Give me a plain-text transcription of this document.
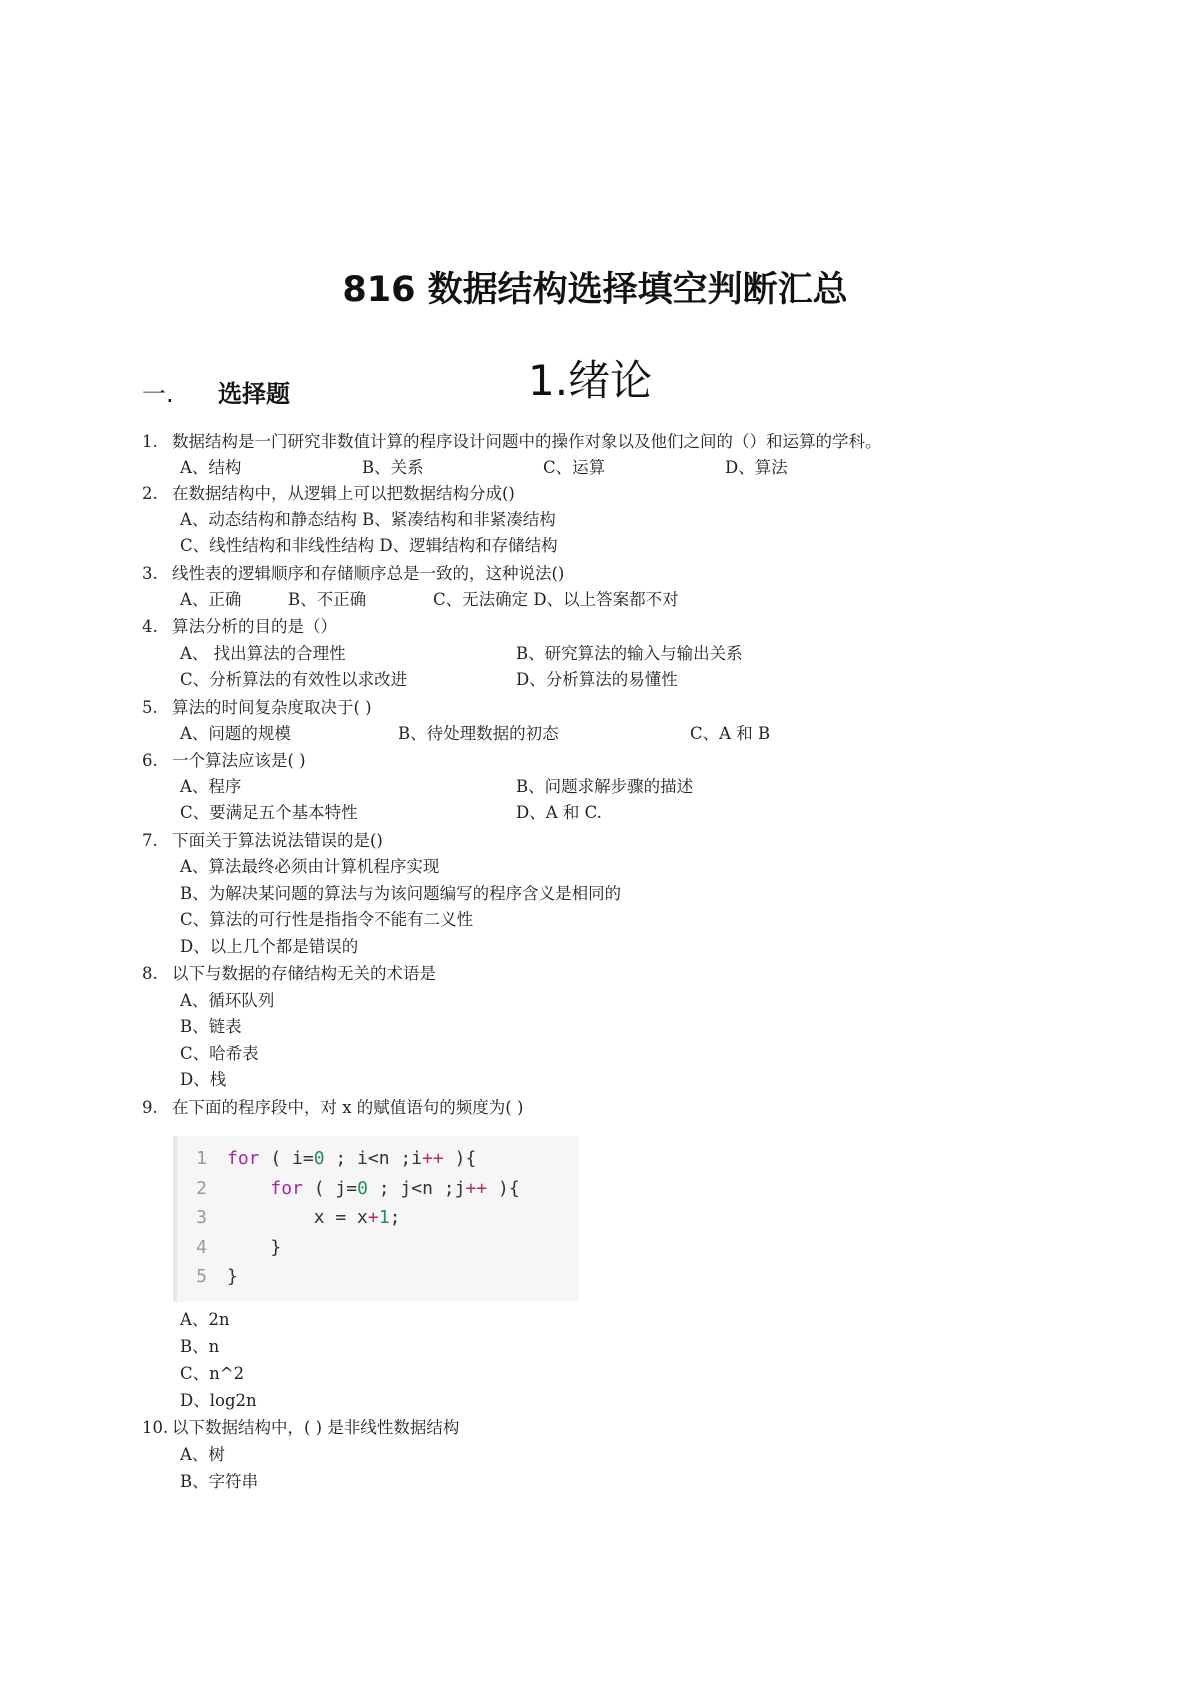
816 数据结构选择填空判断汇总
1.绪论
一. 选择题
1. 数据结构是一门研究非数值计算的程序设计问题中的操作对象以及他们之间的（）和运算的学科。
A、结构	B、关系	C、运算	D、算法
2. 在数据结构中，从逻辑上可以把数据结构分成()
A、动态结构和静态结构 B、紧凑结构和非紧凑结构
C、线性结构和非线性结构 D、逻辑结构和存储结构
3. 线性表的逻辑顺序和存储顺序总是一致的，这种说法()
A、正确	B、不正确	C、无法确定 D、以上答案都不对
4. 算法分析的目的是（）
A、 找出算法的合理性	B、研究算法的输入与输出关系
C、分析算法的有效性以求改进	D、分析算法的易懂性
5. 算法的时间复杂度取决于( )
A、问题的规模	B、待处理数据的初态	C、A 和 B
6. 一个算法应该是( )
A、程序	B、问题求解步骤的描述
C、要满足五个基本特性	D、A 和 C.
7. 下面关于算法说法错误的是()
A、算法最终必须由计算机程序实现
B、为解决某问题的算法与为该问题编写的程序含义是相同的
C、算法的可行性是指指令不能有二义性
D、以上几个都是错误的
8. 以下与数据的存储结构无关的术语是
A、循环队列
B、链表
C、哈希表
D、栈
9. 在下面的程序段中，对 x 的赋值语句的频度为( )
A、2n
B、n
C、n^2
D、log2n
10. 以下数据结构中，( ) 是非线性数据结构
A、树
B、字符串
1 for ( i=0 ; i<n ;i++ ){
2	for ( j=0 ; j<n ;j++ ){
3 x = x+1;
4 }
5 }
